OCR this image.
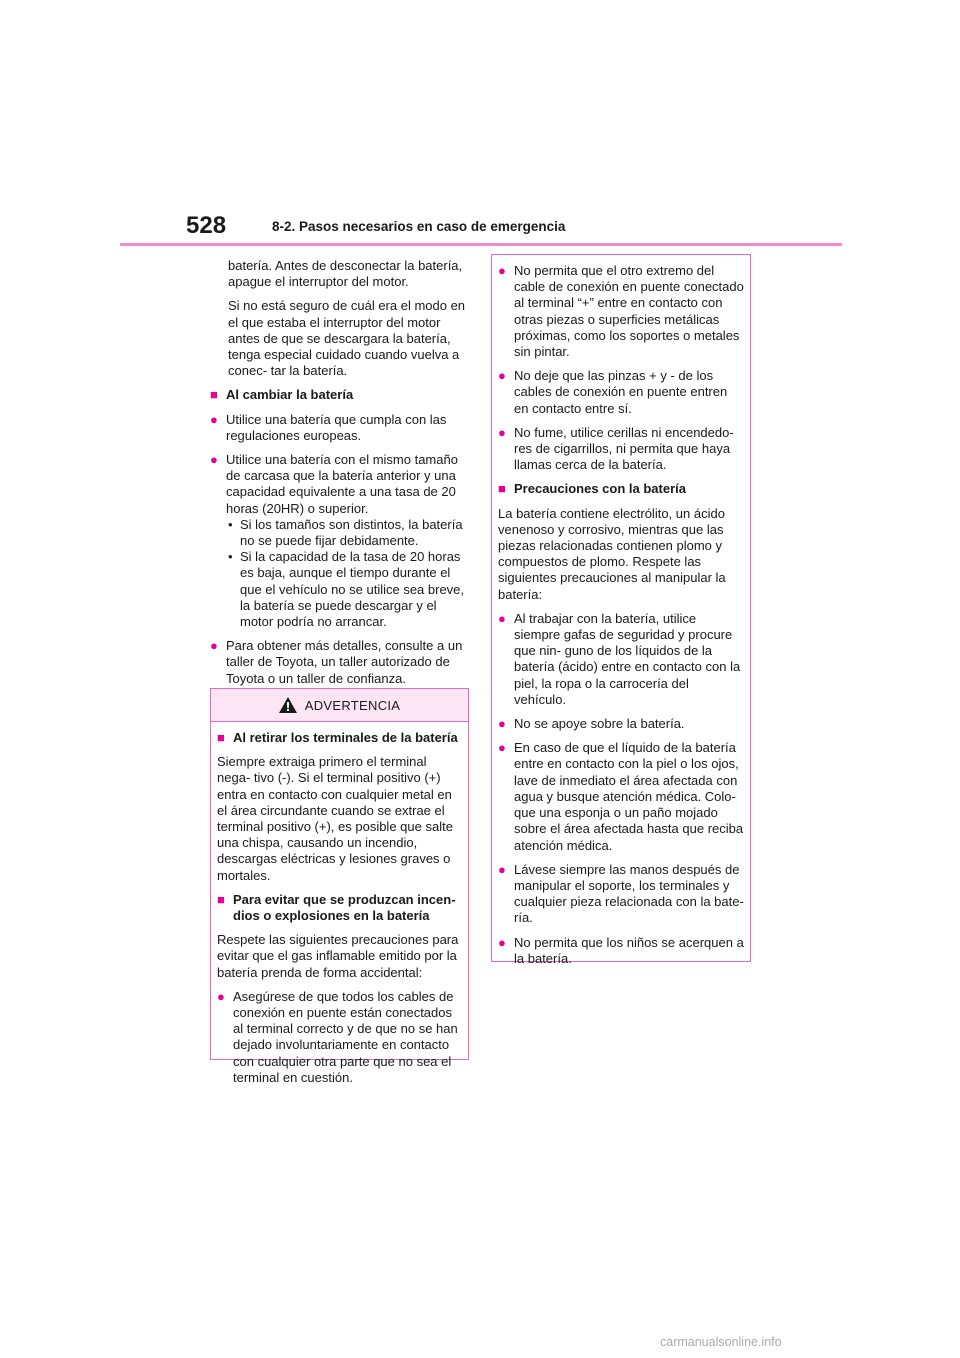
528	8-2. Pasos necesarios en caso de emergencia
batería. Antes de desconectar la batería, apague el interruptor del motor.
Si no está seguro de cuál era el modo en el que estaba el interruptor del motor antes de que se descargara la batería, tenga especial cuidado cuando vuelva a conec- tar la batería.
■ Al cambiar la batería
● Utilice una batería que cumpla con las regulaciones europeas.
● Utilice una batería con el mismo tamaño de carcasa que la batería anterior y una capacidad equivalente a una tasa de 20 horas (20HR) o superior.
• Si los tamaños son distintos, la batería no se puede fijar debidamente.
• Si la capacidad de la tasa de 20 horas es baja, aunque el tiempo durante el que el vehículo no se utilice sea breve, la batería se puede descargar y el motor podría no arrancar.
● Para obtener más detalles, consulte a un taller de Toyota, un taller autorizado de Toyota o un taller de confianza.
ADVERTENCIA
■ Al retirar los terminales de la batería
Siempre extraiga primero el terminal nega- tivo (-). Si el terminal positivo (+) entra en contacto con cualquier metal en el área circundante cuando se extrae el terminal positivo (+), es posible que salte una chispa, causando un incendio, descargas eléctricas y lesiones graves o mortales.
■ Para evitar que se produzcan incen- dios o explosiones en la batería
Respete las siguientes precauciones para evitar que el gas inflamable emitido por la batería prenda de forma accidental:
● Asegúrese de que todos los cables de conexión en puente están conectados al terminal correcto y de que no se han dejado involuntariamente en contacto con cualquier otra parte que no sea el terminal en cuestión.
● No permita que el otro extremo del cable de conexión en puente conectado al terminal “+” entre en contacto con otras piezas o superficies metálicas próximas, como los soportes o metales sin pintar.
● No deje que las pinzas + y - de los cables de conexión en puente entren en contacto entre sí.
● No fume, utilice cerillas ni encendedo- res de cigarrillos, ni permita que haya llamas cerca de la batería.
■ Precauciones con la batería
La batería contiene electrólito, un ácido venenoso y corrosivo, mientras que las piezas relacionadas contienen plomo y compuestos de plomo. Respete las siguientes precauciones al manipular la batería:
● Al trabajar con la batería, utilice siempre gafas de seguridad y procure que nin- guno de los líquidos de la batería (ácido) entre en contacto con la piel, la ropa o la carrocería del vehículo.
● No se apoye sobre la batería.
● En caso de que el líquido de la batería entre en contacto con la piel o los ojos, lave de inmediato el área afectada con agua y busque atención médica. Colo- que una esponja o un paño mojado sobre el área afectada hasta que reciba atención médica.
● Lávese siempre las manos después de manipular el soporte, los terminales y cualquier pieza relacionada con la bate- ría.
● No permita que los niños se acerquen a la batería.
carmanualsonline.info
